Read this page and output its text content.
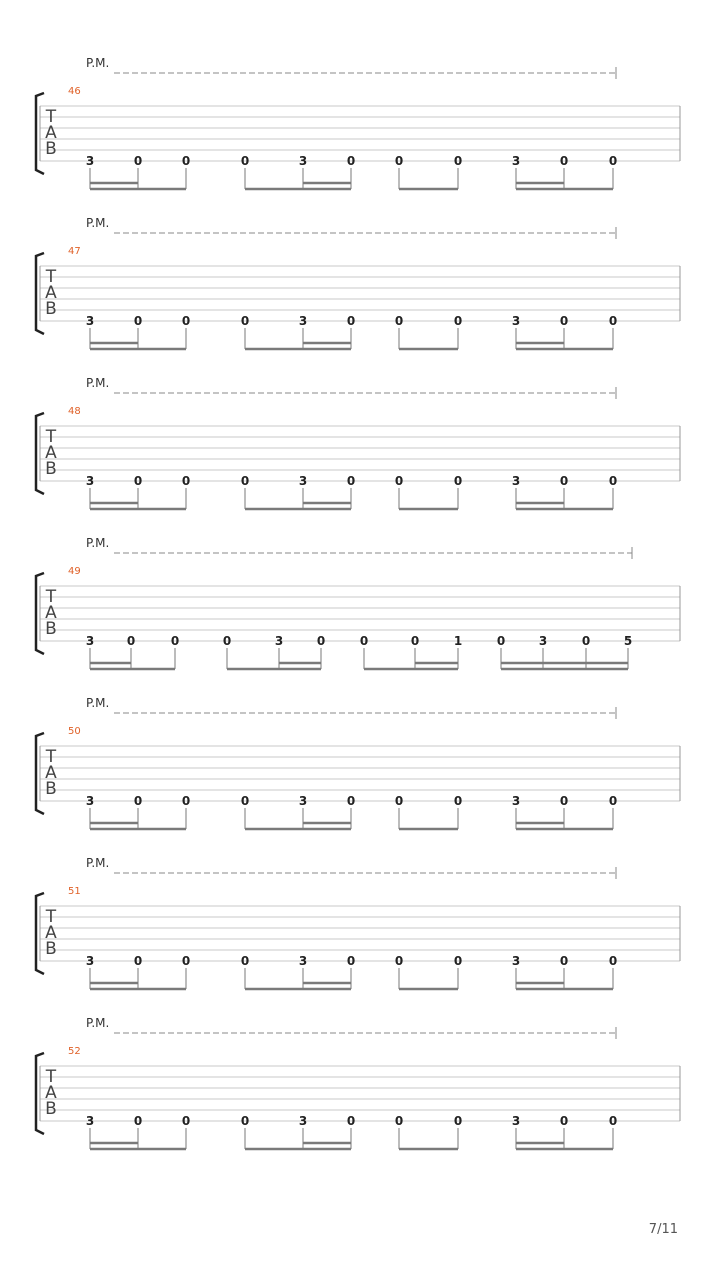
P.M.
46
T
A
B
3	0	0	0	3	0	0	0	3	0	0
P.M.
47
T
A
B
3	0	0	0	3	0	0	0	3	0	0
P.M.
48
T
A
B
3	0	0	0	3	0	0	0	3	0	0
P.M.
49
T
A
B
3	0	0	0	3	0	0	0	1	0	3	0	5
P.M.
50
T
A
B
3	0	0	0	3	0	0	0	3	0	0
P.M.
51
T
A
B
3	0	0	0	3	0	0	0	3	0	0
P.M.
52
T
A
B
3	0	0	0	3	0	0	0	3	0	0
7/11
